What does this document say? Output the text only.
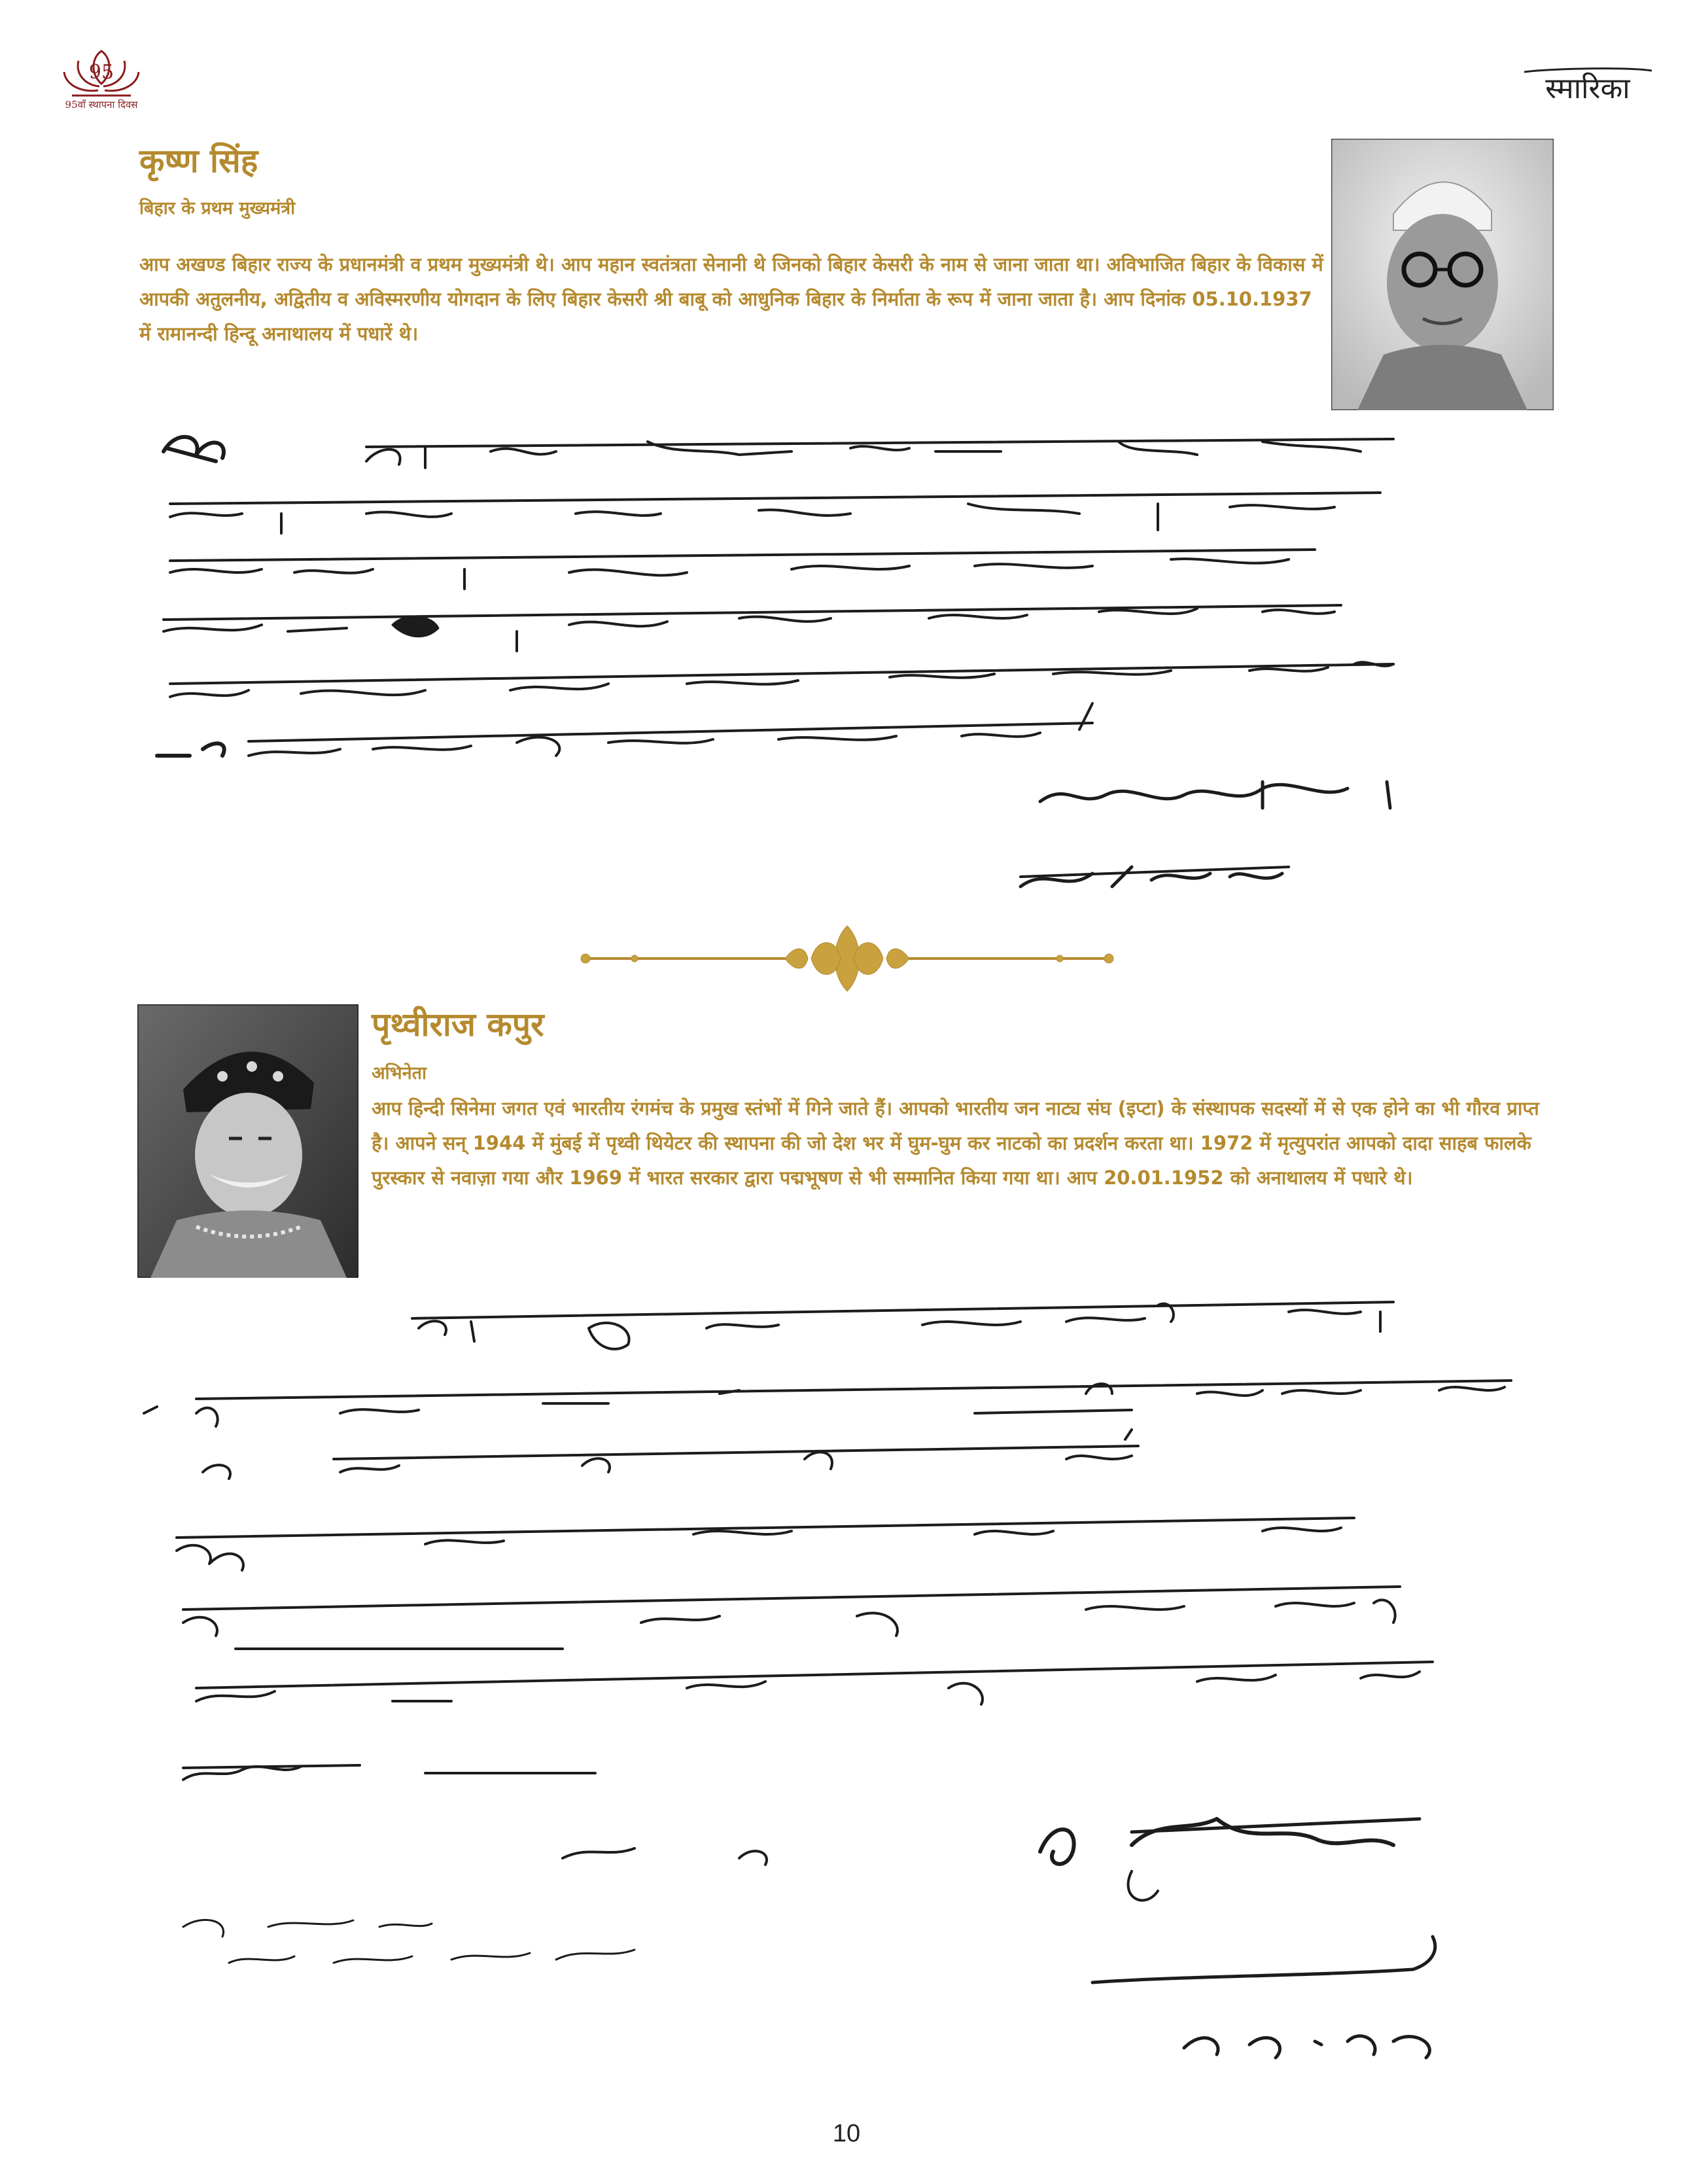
95
95वाँ स्थापना दिवस	स्मारिका
कृष्ण सिंह
बिहार के प्रथम मुख्यमंत्री
आप अखण्ड बिहार राज्य के प्रधानमंत्री व प्रथम मुख्यमंत्री थे। आप महान स्वतंत्रता सेनानी थे जिनको बिहार केसरी के नाम से जाना जाता था। अविभाजित बिहार के विकास में आपकी अतुलनीय, अद्वितीय व अविस्मरणीय योगदान के लिए बिहार केसरी श्री बाबू को आधुनिक बिहार के निर्माता के रूप में जाना जाता है। आप दिनांक 05.10.1937 में रामानन्दी हिन्दू अनाथालय में पधारें थे।
पृथ्वीराज कपुर
अभिनेता
आप हिन्दी सिनेमा जगत एवं भारतीय रंगमंच के प्रमुख स्तंभों में गिने जाते हैं। आपको भारतीय जन नाट्य संघ (इप्टा) के संस्थापक सदस्यों में से एक होने का भी गौरव प्राप्त है। आपने सन् 1944 में मुंबई में पृथ्वी थियेटर की स्थापना की जो देश भर में घुम-घुम कर नाटको का प्रदर्शन करता था। 1972 में मृत्युपरांत आपको दादा साहब फालके पुरस्कार से नवाज़ा गया और 1969 में भारत सरकार द्वारा पद्मभूषण से भी सम्मानित किया गया था। आप 20.01.1952 को अनाथालय में पधारे थे।
10
